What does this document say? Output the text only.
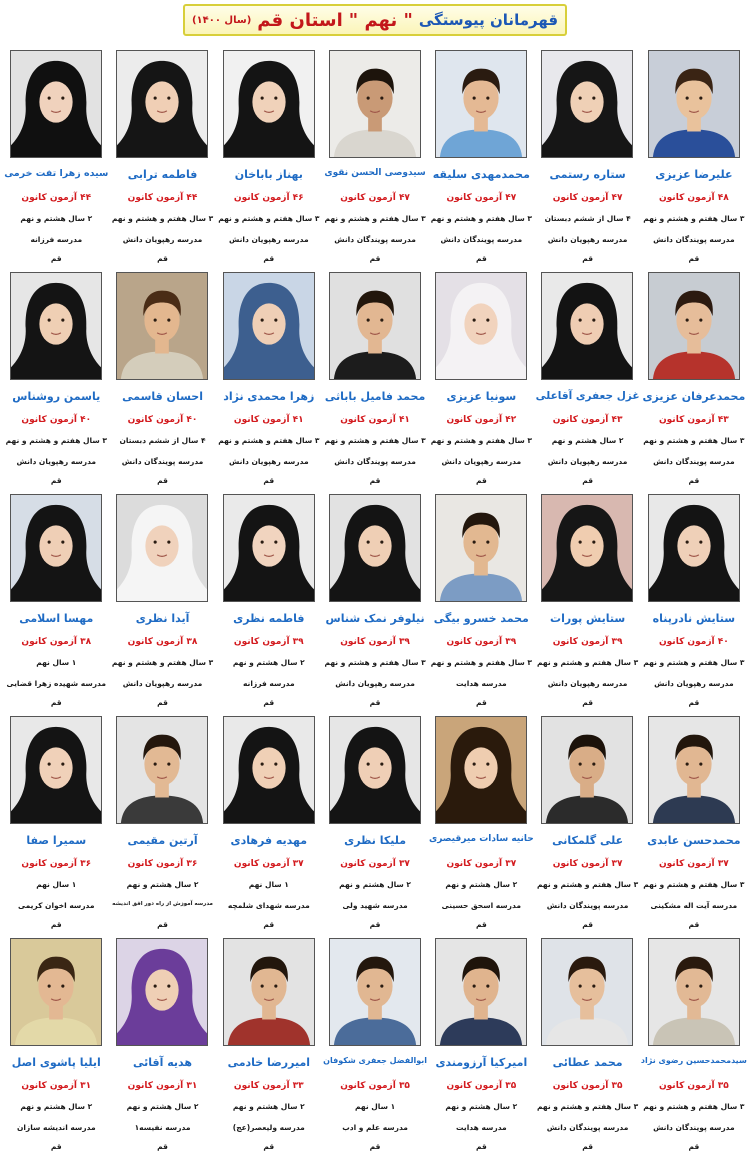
قهرمانان پیوستگی
" نهم "
استان قم
(سال ۱۴۰۰)
علیرضا عزیزی
۴۸ آزمون کانون
۳ سال هفتم و هشتم و نهم
مدرسه پویندگان دانش
قم
ستاره رستمی
۴۷ آزمون کانون
۴ سال از ششم دبستان
مدرسه رهپویان دانش
قم
محمدمهدی سلیقه
۴۷ آزمون کانون
۳ سال هفتم و هشتم و نهم
مدرسه پویندگان دانش
قم
سیدوصی الحسن نقوی
۴۷ آزمون کانون
۳ سال هفتم و هشتم و نهم
مدرسه پویندگان دانش
قم
بهناز باباخان
۴۶ آزمون کانون
۳ سال هفتم و هشتم و نهم
مدرسه رهپویان دانش
قم
فاطمه ترابی
۴۴ آزمون کانون
۳ سال هفتم و هشتم و نهم
مدرسه رهپویان دانش
قم
سیده زهرا تفت خرمی
۴۴ آزمون کانون
۲ سال هشتم و نهم
مدرسه فرزانه
قم
محمدعرفان عزیزی
۴۳ آزمون کانون
۳ سال هفتم و هشتم و نهم
مدرسه پویندگان دانش
قم
غزل جعفری آقاعلی
۴۳ آزمون کانون
۲ سال هشتم و نهم
مدرسه رهپویان دانش
قم
سونیا عزیزی
۴۲ آزمون کانون
۳ سال هفتم و هشتم و نهم
مدرسه رهپویان دانش
قم
محمد فامیل باباثی
۴۱ آزمون کانون
۳ سال هفتم و هشتم و نهم
مدرسه پویندگان دانش
قم
زهرا محمدی نژاد
۴۱ آزمون کانون
۳ سال هفتم و هشتم و نهم
مدرسه رهپویان دانش
قم
احسان قاسمی
۴۰ آزمون کانون
۴ سال از ششم دبستان
مدرسه پویندگان دانش
قم
یاسمن روشناس
۴۰ آزمون کانون
۳ سال هفتم و هشتم و نهم
مدرسه رهپویان دانش
قم
ستایش نادرپناه
۴۰ آزمون کانون
۳ سال هفتم و هشتم و نهم
مدرسه رهپویان دانش
قم
ستایش پورات
۳۹ آزمون کانون
۳ سال هفتم و هشتم و نهم
مدرسه رهپویان دانش
قم
محمد خسرو بیگی
۳۹ آزمون کانون
۳ سال هفتم و هشتم و نهم
مدرسه هدایت
قم
نیلوفر نمک شناس
۳۹ آزمون کانون
۳ سال هفتم و هشتم و نهم
مدرسه رهپویان دانش
قم
فاطمه نظری
۳۹ آزمون کانون
۲ سال هشتم و نهم
مدرسه فرزانه
قم
آیدا نظری
۳۸ آزمون کانون
۳ سال هفتم و هشتم و نهم
مدرسه رهپویان دانش
قم
مهسا اسلامی
۳۸ آزمون کانون
۱ سال نهم
مدرسه شهیده زهرا قضایی
قم
محمدحسن عابدی
۳۷ آزمون کانون
۳ سال هفتم و هشتم و نهم
مدرسه آیت اله مشکینی
قم
علی گلمکانی
۳۷ آزمون کانون
۳ سال هفتم و هشتم و نهم
مدرسه پویندگان دانش
قم
حانیه سادات میرقیصری
۳۷ آزمون کانون
۲ سال هشتم و نهم
مدرسه اسحق حسینی
قم
ملیکا نظری
۳۷ آزمون کانون
۲ سال هشتم و نهم
مدرسه شهید ولی
قم
مهدیه فرهادی
۳۷ آزمون کانون
۱ سال نهم
مدرسه شهدای شلمچه
قم
آرتین مقیمی
۳۶ آزمون کانون
۲ سال هشتم و نهم
مدرسه آموزش از راه دور افق اندیشه
قم
سمیرا صفا
۳۶ آزمون کانون
۱ سال نهم
مدرسه اخوان کریمی
قم
سیدمحمدحسین رضوی نژاد
۳۵ آزمون کانون
۳ سال هفتم و هشتم و نهم
مدرسه پویندگان دانش
قم
محمد عطائی
۳۵ آزمون کانون
۳ سال هفتم و هشتم و نهم
مدرسه پویندگان دانش
قم
امیرکیا آرزومندی
۳۵ آزمون کانون
۲ سال هشتم و نهم
مدرسه هدایت
قم
ابوالفضل جعفری شکوفان
۳۵ آزمون کانون
۱ سال نهم
مدرسه علم و ادب
قم
امیررضا خادمی
۳۳ آزمون کانون
۲ سال هشتم و نهم
مدرسه ولیعصر(عج)
قم
هدیه آقائی
۳۱ آزمون کانون
۲ سال هشتم و نهم
مدرسه نفیسه۱
قم
ایلیا پاشوی اصل
۳۱ آزمون کانون
۲ سال هشتم و نهم
مدرسه اندیشه سازان
قم
